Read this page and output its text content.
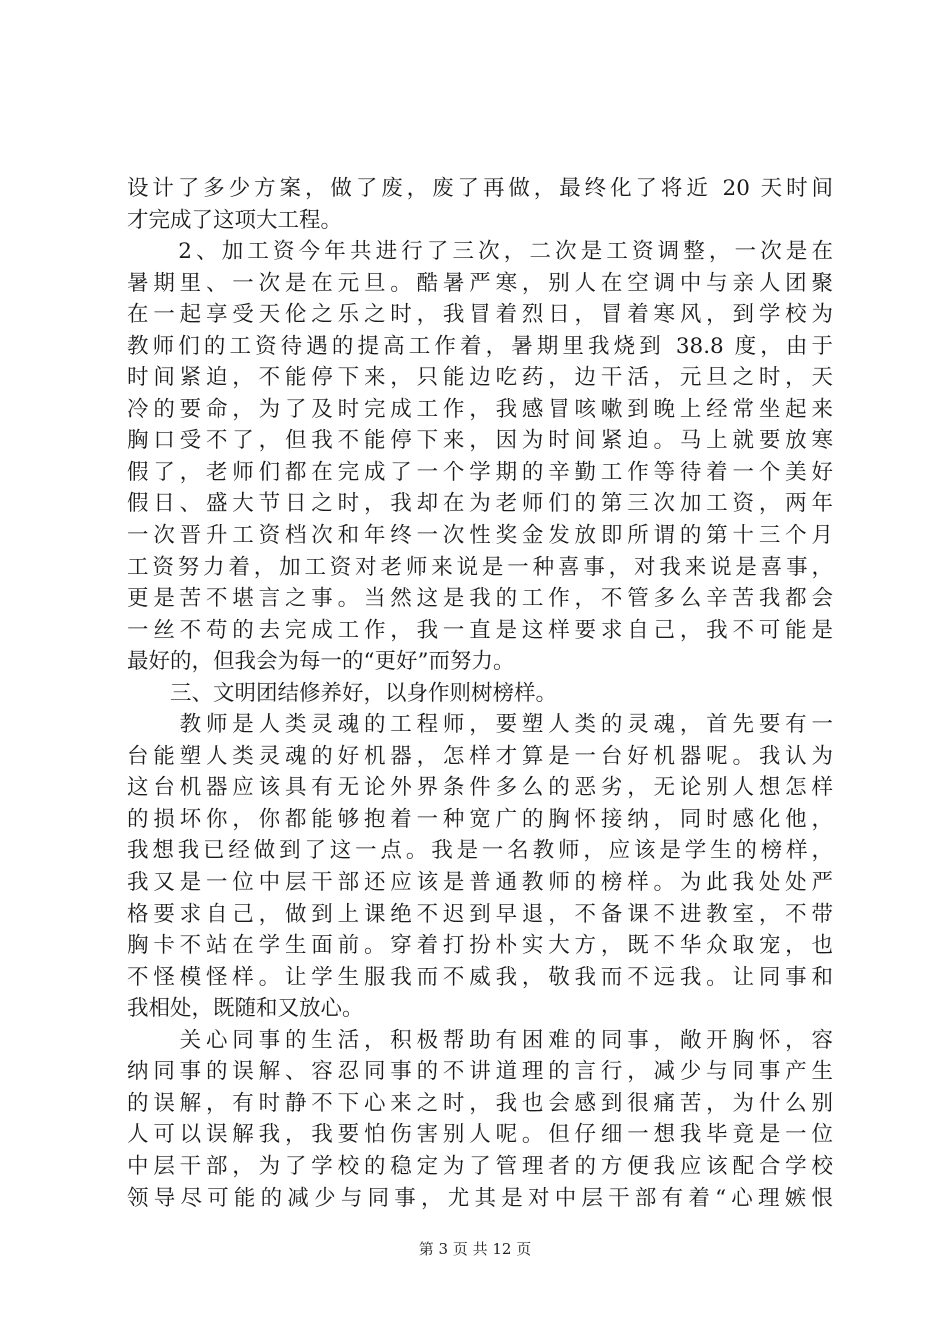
设计了多少方案，做了废，废了再做，最终化了将近 20 天时间
才完成了这项大工程。
　　2、加工资今年共进行了三次，二次是工资调整，一次是在
暑期里、一次是在元旦。酷暑严寒，别人在空调中与亲人团聚
在一起享受天伦之乐之时，我冒着烈日，冒着寒风，到学校为
教师们的工资待遇的提高工作着，暑期里我烧到 38.8 度，由于
时间紧迫，不能停下来，只能边吃药，边干活，元旦之时，天
冷的要命，为了及时完成工作，我感冒咳嗽到晚上经常坐起来
胸口受不了，但我不能停下来，因为时间紧迫。马上就要放寒
假了，老师们都在完成了一个学期的辛勤工作等待着一个美好
假日、盛大节日之时，我却在为老师们的第三次加工资，两年
一次晋升工资档次和年终一次性奖金发放即所谓的第十三个月
工资努力着，加工资对老师来说是一种喜事，对我来说是喜事，
更是苦不堪言之事。当然这是我的工作，不管多么辛苦我都会
一丝不苟的去完成工作，我一直是这样要求自己，我不可能是
最好的，但我会为每一的“更好”而努力。
　　三、文明团结修养好，以身作则树榜样。
　　教师是人类灵魂的工程师，要塑人类的灵魂，首先要有一
台能塑人类灵魂的好机器，怎样才算是一台好机器呢。我认为
这台机器应该具有无论外界条件多么的恶劣，无论别人想怎样
的损坏你，你都能够抱着一种宽广的胸怀接纳，同时感化他，
我想我已经做到了这一点。我是一名教师，应该是学生的榜样，
我又是一位中层干部还应该是普通教师的榜样。为此我处处严
格要求自己，做到上课绝不迟到早退，不备课不进教室，不带
胸卡不站在学生面前。穿着打扮朴实大方，既不华众取宠，也
不怪模怪样。让学生服我而不威我，敬我而不远我。让同事和
我相处，既随和又放心。
　　关心同事的生活，积极帮助有困难的同事，敞开胸怀，容
纳同事的误解、容忍同事的不讲道理的言行，减少与同事产生
的误解，有时静不下心来之时，我也会感到很痛苦，为什么别
人可以误解我，我要怕伤害别人呢。但仔细一想我毕竟是一位
中层干部，为了学校的稳定为了管理者的方便我应该配合学校
领导尽可能的减少与同事，尤其是对中层干部有着“心理嫉恨
第 3 页 共 12 页
